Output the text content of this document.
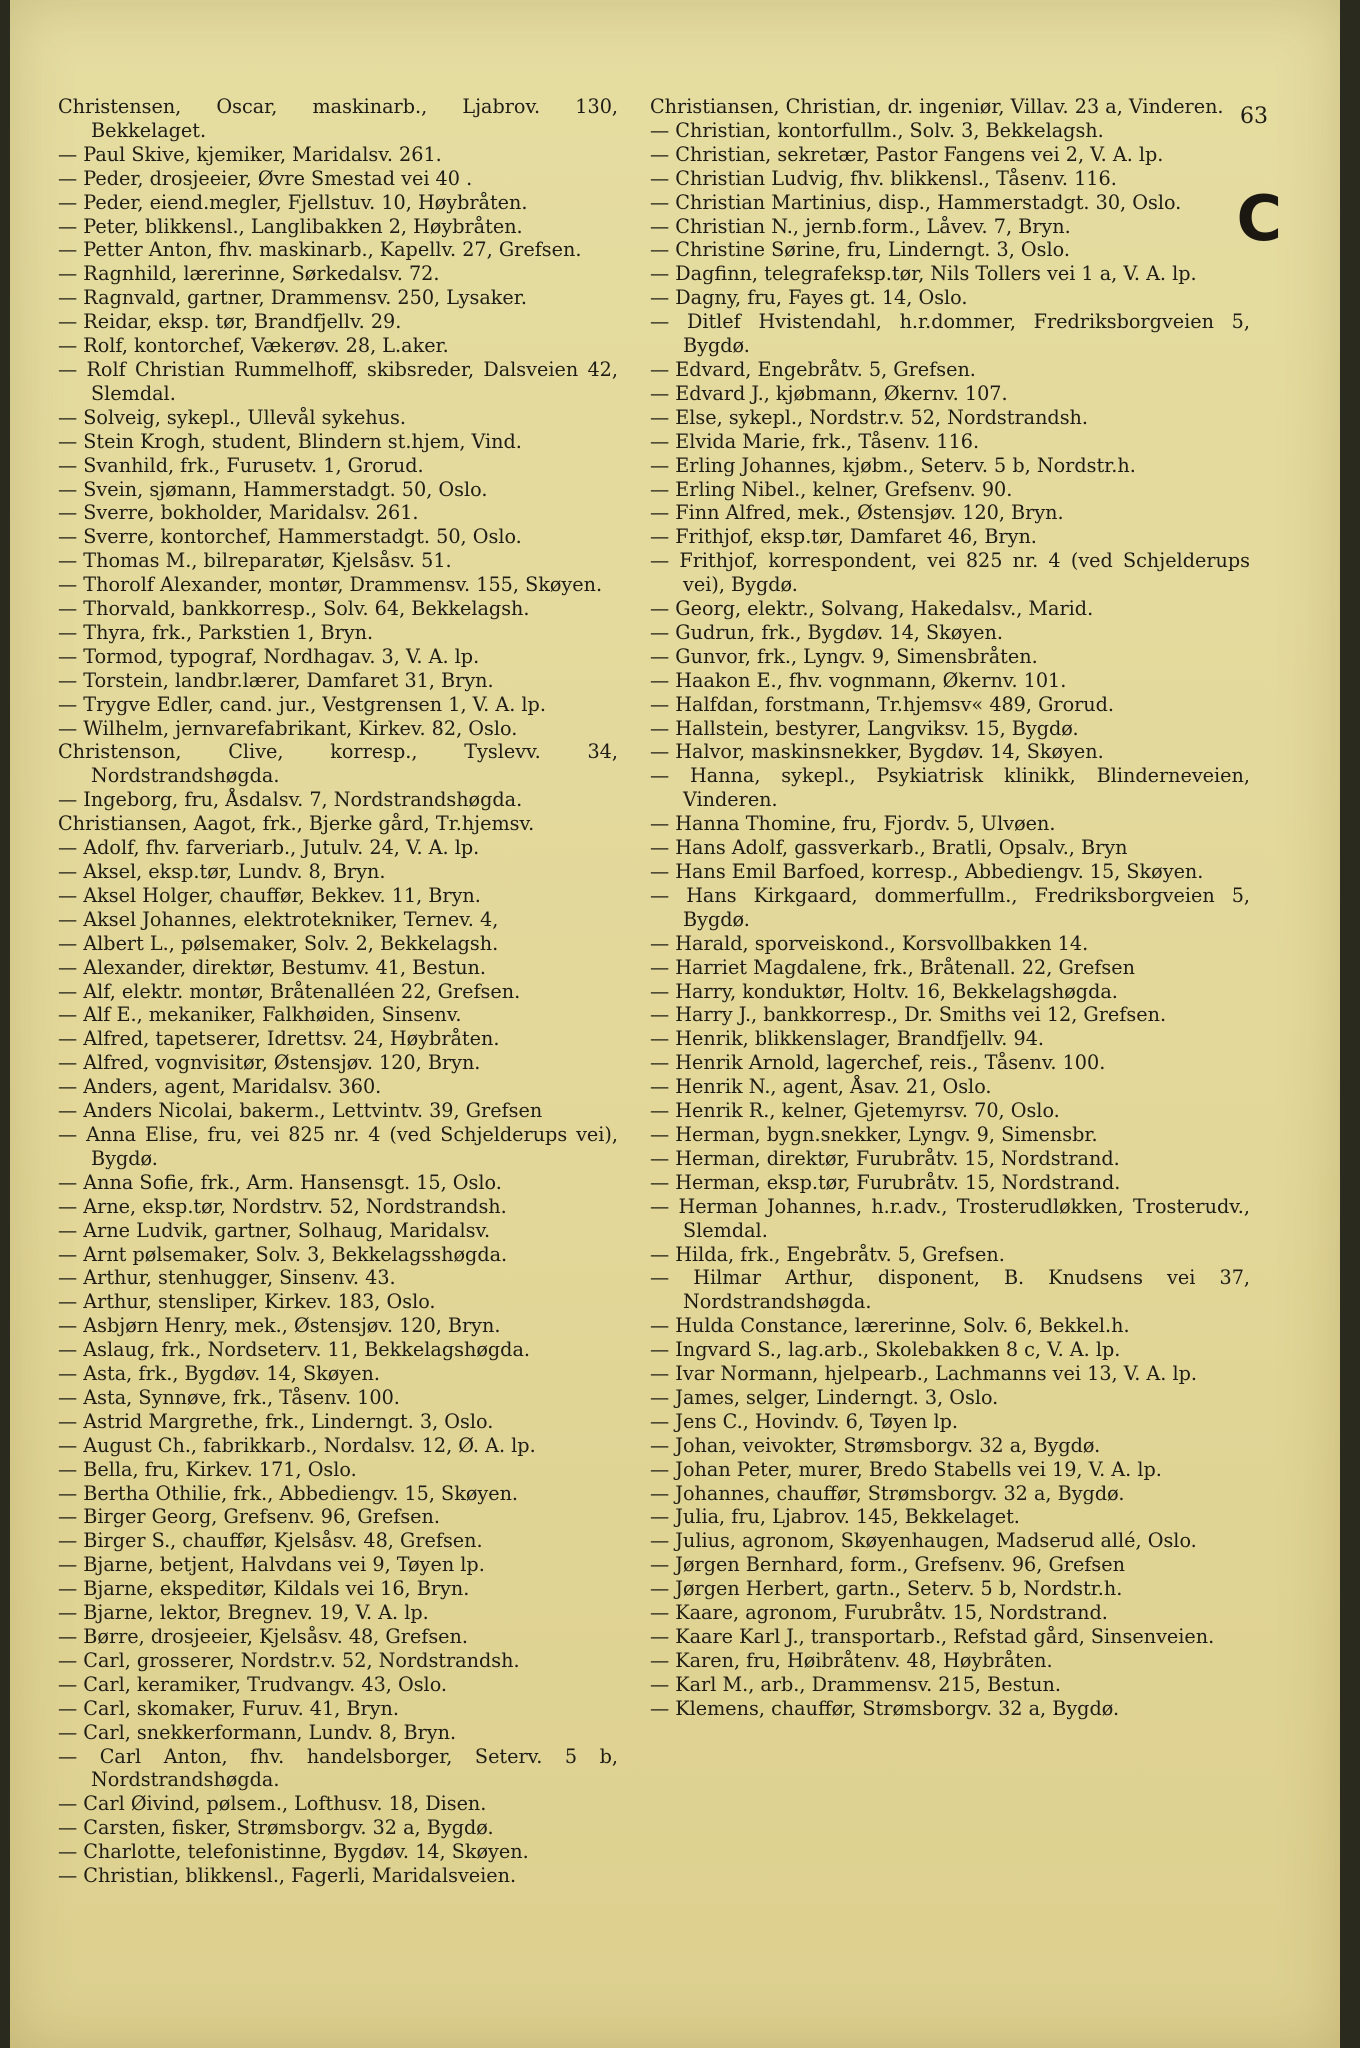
63
C
Christensen, Oscar, maskinarb., Ljabrov. 130, Bekkelaget.
— Paul Skive, kjemiker, Maridalsv. 261.
— Peder, drosjeeier, Øvre Smestad vei 40 .
— Peder, eiend.megler, Fjellstuv. 10, Høybråten.
— Peter, blikkensl., Langlibakken 2, Høybråten.
— Petter Anton, fhv. maskinarb., Kapellv. 27, Grefsen.
— Ragnhild, lærerinne, Sørkedalsv. 72.
— Ragnvald, gartner, Drammensv. 250, Lysaker.
— Reidar, eksp. tør, Brandfjellv. 29.
— Rolf, kontorchef, Vækerøv. 28, L.aker.
— Rolf Christian Rummelhoff, skibsreder, Dalsveien 42, Slemdal.
— Solveig, sykepl., Ullevål sykehus.
— Stein Krogh, student, Blindern st.hjem, Vind.
— Svanhild, frk., Furusetv. 1, Grorud.
— Svein, sjømann, Hammerstadgt. 50, Oslo.
— Sverre, bokholder, Maridalsv. 261.
— Sverre, kontorchef, Hammerstadgt. 50, Oslo.
— Thomas M., bilreparatør, Kjelsåsv. 51.
— Thorolf Alexander, montør, Drammensv. 155, Skøyen.
— Thorvald, bankkorresp., Solv. 64, Bekkelagsh.
— Thyra, frk., Parkstien 1, Bryn.
— Tormod, typograf, Nordhagav. 3, V. A. lp.
— Torstein, landbr.lærer, Damfaret 31, Bryn.
— Trygve Edler, cand. jur., Vestgrensen 1, V. A. lp.
— Wilhelm, jernvarefabrikant, Kirkev. 82, Oslo.
Christenson, Clive, korresp., Tyslevv. 34, Nordstrandshøgda.
— Ingeborg, fru, Åsdalsv. 7, Nordstrandshøgda.
Christiansen, Aagot, frk., Bjerke gård, Tr.hjemsv.
— Adolf, fhv. farveriarb., Jutulv. 24, V. A. lp.
— Aksel, eksp.tør, Lundv. 8, Bryn.
— Aksel Holger, chauffør, Bekkev. 11, Bryn.
— Aksel Johannes, elektrotekniker, Ternev. 4,
— Albert L., pølsemaker, Solv. 2, Bekkelagsh.
— Alexander, direktør, Bestumv. 41, Bestun.
— Alf, elektr. montør, Bråtenalléen 22, Grefsen.
— Alf E., mekaniker, Falkhøiden, Sinsenv.
— Alfred, tapetserer, Idrettsv. 24, Høybråten.
— Alfred, vognvisitør, Østensjøv. 120, Bryn.
— Anders, agent, Maridalsv. 360.
— Anders Nicolai, bakerm., Lettvintv. 39, Grefsen
— Anna Elise, fru, vei 825 nr. 4 (ved Schjelderups vei), Bygdø.
— Anna Sofie, frk., Arm. Hansensgt. 15, Oslo.
— Arne, eksp.tør, Nordstrv. 52, Nordstrandsh.
— Arne Ludvik, gartner, Solhaug, Maridalsv.
— Arnt pølsemaker, Solv. 3, Bekkelagsshøgda.
— Arthur, stenhugger, Sinsenv. 43.
— Arthur, stensliper, Kirkev. 183, Oslo.
— Asbjørn Henry, mek., Østensjøv. 120, Bryn.
— Aslaug, frk., Nordseterv. 11, Bekkelagshøgda.
— Asta, frk., Bygdøv. 14, Skøyen.
— Asta, Synnøve, frk., Tåsenv. 100.
— Astrid Margrethe, frk., Linderngt. 3, Oslo.
— August Ch., fabrikkarb., Nordalsv. 12, Ø. A. lp.
— Bella, fru, Kirkev. 171, Oslo.
— Bertha Othilie, frk., Abbediengv. 15, Skøyen.
— Birger Georg, Grefsenv. 96, Grefsen.
— Birger S., chauffør, Kjelsåsv. 48, Grefsen.
— Bjarne, betjent, Halvdans vei 9, Tøyen lp.
— Bjarne, ekspeditør, Kildals vei 16, Bryn.
— Bjarne, lektor, Bregnev. 19, V. A. lp.
— Børre, drosjeeier, Kjelsåsv. 48, Grefsen.
— Carl, grosserer, Nordstr.v. 52, Nordstrandsh.
— Carl, keramiker, Trudvangv. 43, Oslo.
— Carl, skomaker, Furuv. 41, Bryn.
— Carl, snekkerformann, Lundv. 8, Bryn.
— Carl Anton, fhv. handelsborger, Seterv. 5 b, Nordstrandshøgda.
— Carl Øivind, pølsem., Lofthusv. 18, Disen.
— Carsten, fisker, Strømsborgv. 32 a, Bygdø.
— Charlotte, telefonistinne, Bygdøv. 14, Skøyen.
— Christian, blikkensl., Fagerli, Maridalsveien.
Christiansen, Christian, dr. ingeniør, Villav. 23 a, Vinderen.
— Christian, kontorfullm., Solv. 3, Bekkelagsh.
— Christian, sekretær, Pastor Fangens vei 2, V. A. lp.
— Christian Ludvig, fhv. blikkensl., Tåsenv. 116.
— Christian Martinius, disp., Hammerstadgt. 30, Oslo.
— Christian N., jernb.form., Låvev. 7, Bryn.
— Christine Sørine, fru, Linderngt. 3, Oslo.
— Dagfinn, telegrafeksp.tør, Nils Tollers vei 1 a, V. A. lp.
— Dagny, fru, Fayes gt. 14, Oslo.
— Ditlef Hvistendahl, h.r.dommer, Fredriksborgveien 5, Bygdø.
— Edvard, Engebråtv. 5, Grefsen.
— Edvard J., kjøbmann, Økernv. 107.
— Else, sykepl., Nordstr.v. 52, Nordstrandsh.
— Elvida Marie, frk., Tåsenv. 116.
— Erling Johannes, kjøbm., Seterv. 5 b, Nordstr.h.
— Erling Nibel., kelner, Grefsenv. 90.
— Finn Alfred, mek., Østensjøv. 120, Bryn.
— Frithjof, eksp.tør, Damfaret 46, Bryn.
— Frithjof, korrespondent, vei 825 nr. 4 (ved Schjelderups vei), Bygdø.
— Georg, elektr., Solvang, Hakedalsv., Marid.
— Gudrun, frk., Bygdøv. 14, Skøyen.
— Gunvor, frk., Lyngv. 9, Simensbråten.
— Haakon E., fhv. vognmann, Økernv. 101.
— Halfdan, forstmann, Tr.hjemsv« 489, Grorud.
— Hallstein, bestyrer, Langviksv. 15, Bygdø.
— Halvor, maskinsnekker, Bygdøv. 14, Skøyen.
— Hanna, sykepl., Psykiatrisk klinikk, Blinderneveien, Vinderen.
— Hanna Thomine, fru, Fjordv. 5, Ulvøen.
— Hans Adolf, gassverkarb., Bratli, Opsalv., Bryn
— Hans Emil Barfoed, korresp., Abbediengv. 15, Skøyen.
— Hans Kirkgaard, dommerfullm., Fredriksborgveien 5, Bygdø.
— Harald, sporveiskond., Korsvollbakken 14.
— Harriet Magdalene, frk., Bråtenall. 22, Grefsen
— Harry, konduktør, Holtv. 16, Bekkelagshøgda.
— Harry J., bankkorresp., Dr. Smiths vei 12, Grefsen.
— Henrik, blikkenslager, Brandfjellv. 94.
— Henrik Arnold, lagerchef, reis., Tåsenv. 100.
— Henrik N., agent, Åsav. 21, Oslo.
— Henrik R., kelner, Gjetemyrsv. 70, Oslo.
— Herman, bygn.snekker, Lyngv. 9, Simensbr.
— Herman, direktør, Furubråtv. 15, Nordstrand.
— Herman, eksp.tør, Furubråtv. 15, Nordstrand.
— Herman Johannes, h.r.adv., Trosterudløkken, Trosterudv., Slemdal.
— Hilda, frk., Engebråtv. 5, Grefsen.
— Hilmar Arthur, disponent, B. Knudsens vei 37, Nordstrandshøgda.
— Hulda Constance, lærerinne, Solv. 6, Bekkel.h.
— Ingvard S., lag.arb., Skolebakken 8 c, V. A. lp.
— Ivar Normann, hjelpearb., Lachmanns vei 13, V. A. lp.
— James, selger, Linderngt. 3, Oslo.
— Jens C., Hovindv. 6, Tøyen lp.
— Johan, veivokter, Strømsborgv. 32 a, Bygdø.
— Johan Peter, murer, Bredo Stabells vei 19, V. A. lp.
— Johannes, chauffør, Strømsborgv. 32 a, Bygdø.
— Julia, fru, Ljabrov. 145, Bekkelaget.
— Julius, agronom, Skøyenhaugen, Madserud allé, Oslo.
— Jørgen Bernhard, form., Grefsenv. 96, Grefsen
— Jørgen Herbert, gartn., Seterv. 5 b, Nordstr.h.
— Kaare, agronom, Furubråtv. 15, Nordstrand.
— Kaare Karl J., transportarb., Refstad gård, Sinsenveien.
— Karen, fru, Høibråtenv. 48, Høybråten.
— Karl M., arb., Drammensv. 215, Bestun.
— Klemens, chauffør, Strømsborgv. 32 a, Bygdø.
